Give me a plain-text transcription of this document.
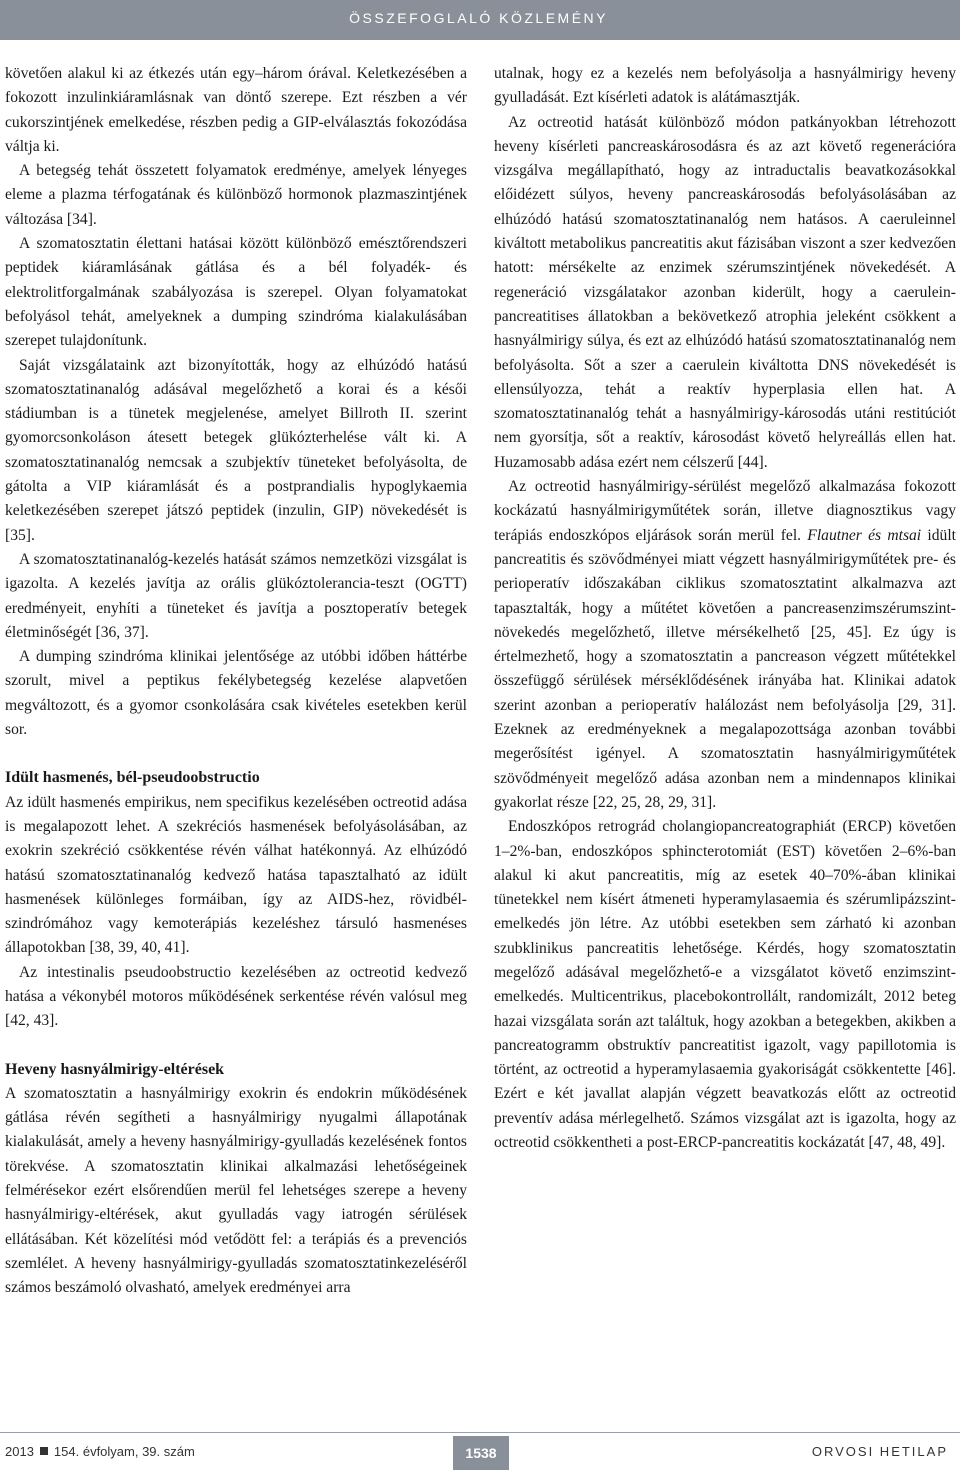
ÖSSZEFOGLALÓ KÖZLEMÉNY

követően alakul ki az étkezés után egy–három órával. Keletkezésében a fokozott inzulinkiáramlásnak van döntő szerepe. Ezt részben a vér cukorszintjének emelkedése, részben pedig a GIP-elválasztás fokozódása váltja ki.

A betegség tehát összetett folyamatok eredménye, amelyek lényeges eleme a plazma térfogatának és különböző hormonok plazmaszintjének változása [34].

A szomatosztatin élettani hatásai között különböző emésztőrendszeri peptidek kiáramlásának gátlása és a bél folyadék- és elektrolitforgalmának szabályozása is szerepel. Olyan folyamatokat befolyásol tehát, amelyeknek a dumping szindróma kialakulásában szerepet tulajdonítunk.

Saját vizsgálataink azt bizonyították, hogy az elhúzódó hatású szomatosztatinanalóg adásával megelőzhető a korai és a késői stádiumban is a tünetek megjelenése, amelyet Billroth II. szerint gyomorcsonkoláson átesett betegek glükózterhelése vált ki. A szomatosztatinanalóg nemcsak a szubjektív tüneteket befolyásolta, de gátolta a VIP kiáramlását és a postprandialis hypoglykaemia keletkezésében szerepet játszó peptidek (inzulin, GIP) növekedését is [35].

A szomatosztatinanalóg-kezelés hatását számos nemzetközi vizsgálat is igazolta. A kezelés javítja az orális glükóztolerancia-teszt (OGTT) eredményeit, enyhíti a tüneteket és javítja a posztoperatív betegek életminőségét [36, 37].

A dumping szindróma klinikai jelentősége az utóbbi időben háttérbe szorult, mivel a peptikus fekélybetegség kezelése alapvetően megváltozott, és a gyomor csonkolására csak kivételes esetekben kerül sor.

Idült hasmenés, bél-pseudoobstructio

Az idült hasmenés empirikus, nem specifikus kezelésében octreotid adása is megalapozott lehet. A szekréciós hasmenések befolyásolásában, az exokrin szekréció csökkentése révén válhat hatékonnyá. Az elhúzódó hatású szomatosztatinanalóg kedvező hatása tapasztalható az idült hasmenések különleges formáiban, így az AIDS-hez, rövidbél-szindrómához vagy kemoterápiás kezeléshez társuló hasmenéses állapotokban [38, 39, 40, 41].

Az intestinalis pseudoobstructio kezelésében az octreotid kedvező hatása a vékonybél motoros működésének serkentése révén valósul meg [42, 43].

Heveny hasnyálmirigy-eltérések

A szomatosztatin a hasnyálmirigy exokrin és endokrin működésének gátlása révén segítheti a hasnyálmirigy nyugalmi állapotának kialakulását, amely a heveny hasnyálmirigy-gyulladás kezelésének fontos törekvése. A szomatosztatin klinikai alkalmazási lehetőségeinek felmérésekor ezért elsőrendűen merül fel lehetséges szerepe a heveny hasnyálmirigy-eltérések, akut gyulladás vagy iatrogén sérülések ellátásában. Két közelítési mód vetődött fel: a terápiás és a prevenciós szemlélet. A heveny hasnyálmirigy-gyulladás szomatosztatinkezeléséről számos beszámoló olvasható, amelyek eredményei arra

utalnak, hogy ez a kezelés nem befolyásolja a hasnyálmirigy heveny gyulladását. Ezt kísérleti adatok is alátámasztják.

Az octreotid hatását különböző módon patkányokban létrehozott heveny kísérleti pancreaskárosodásra és az azt követő regenerációra vizsgálva megállapítható, hogy az intraductalis beavatkozásokkal előidézett súlyos, heveny pancreaskárosodás befolyásolásában az elhúzódó hatású szomatosztatinanalóg nem hatásos. A caeruleinnel kiváltott metabolikus pancreatitis akut fázisában viszont a szer kedvezően hatott: mérsékelte az enzimek szérumszintjének növekedését. A regeneráció vizsgálatakor azonban kiderült, hogy a caerulein-pancreatitises állatokban a bekövetkező atrophia jeleként csökkent a hasnyálmirigy súlya, és ezt az elhúzódó hatású szomatosztatinanalóg nem befolyásolta. Sőt a szer a caerulein kiváltotta DNS növekedését is ellensúlyozza, tehát a reaktív hyperplasia ellen hat. A szomatosztatinanalóg tehát a hasnyálmirigy-károsodás utáni restitúciót nem gyorsítja, sőt a reaktív, károsodást követő helyreállás ellen hat. Huzamosabb adása ezért nem célszerű [44].

Az octreotid hasnyálmirigy-sérülést megelőző alkalmazása fokozott kockázatú hasnyálmirigyműtétek során, illetve diagnosztikus vagy terápiás endoszkópos eljárások során merül fel. Flautner és mtsai idült pancreatitis és szövődményei miatt végzett hasnyálmirigyműtétek pre- és perioperatív időszakában ciklikus szomatosztatint alkalmazva azt tapasztalták, hogy a műtétet követően a pancreasenzimszérumszint-növekedés megelőzhető, illetve mérsékelhető [25, 45]. Ez úgy is értelmezhető, hogy a szomatosztatin a pancreason végzett műtétekkel összefüggő sérülések mérséklődésének irányába hat. Klinikai adatok szerint azonban a perioperatív halálozást nem befolyásolja [29, 31]. Ezeknek az eredményeknek a megalapozottsága azonban további megerősítést igényel. A szomatosztatin hasnyálmirigyműtétek szövődményeit megelőző adása azonban nem a mindennapos klinikai gyakorlat része [22, 25, 28, 29, 31].

Endoszkópos retrográd cholangiopancreatographiát (ERCP) követően 1–2%-ban, endoszkópos sphincterotomiát (EST) követően 2–6%-ban alakul ki akut pancreatitis, míg az esetek 40–70%-ában klinikai tünetekkel nem kísért átmeneti hyperamylasaemia és szérumlipázszint-emelkedés jön létre. Az utóbbi esetekben sem zárható ki azonban szubklinikus pancreatitis lehetősége. Kérdés, hogy szomatosztatin megelőző adásával megelőzhető-e a vizsgálatot követő enzimszint-emelkedés. Multicentrikus, placebokontrollált, randomizált, 2012 beteg hazai vizsgálata során azt találtuk, hogy azokban a betegekben, akikben a pancreatogramm obstruktív pancreatitist igazolt, vagy papillotomia is történt, az octreotid a hyperamylasaemia gyakoriságát csökkentette [46]. Ezért e két javallat alapján végzett beavatkozás előtt az octreotid preventív adása mérlegelhető. Számos vizsgálat azt is igazolta, hogy az octreotid csökkentheti a post-ERCP-pancreatitis kockázatát [47, 48, 49].

2013 154. évfolyam, 39. szám	1538	ORVOSI HETILAP
